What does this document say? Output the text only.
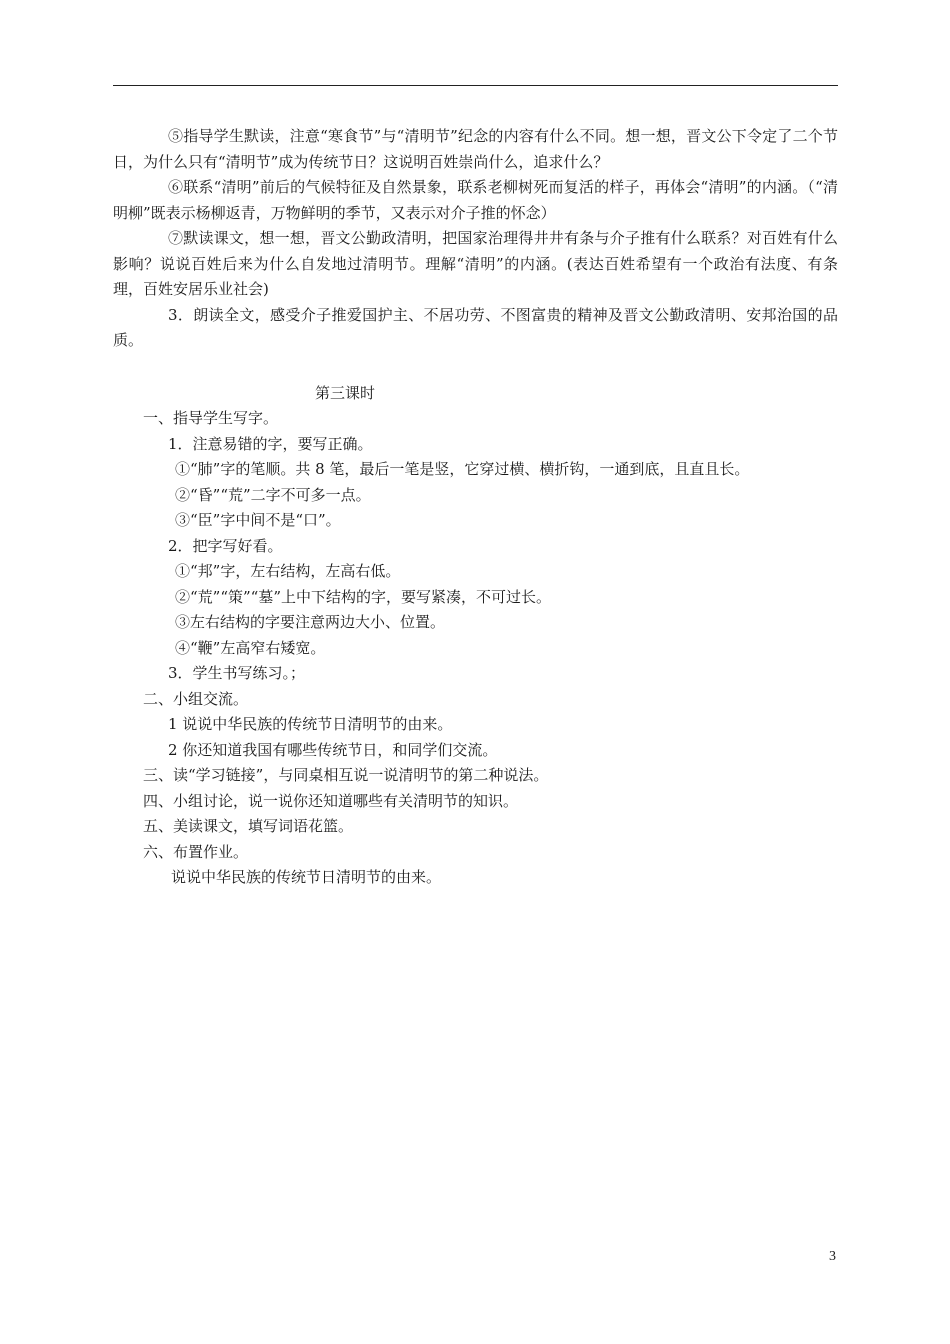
⑤指导学生默读，注意“寒食节”与“清明节”纪念的内容有什么不同。想一想，晋文公下令定了二个节日，为什么只有“清明节”成为传统节日？这说明百姓崇尚什么，追求什么？

⑥联系“清明”前后的气候特征及自然景象，联系老柳树死而复活的样子，再体会“清明”的内涵。（“清明柳”既表示杨柳返青，万物鲜明的季节，又表示对介子推的怀念）

⑦默读课文，想一想，晋文公勤政清明，把国家治理得井井有条与介子推有什么联系？对百姓有什么影响？说说百姓后来为什么自发地过清明节。理解“清明”的内涵。(表达百姓希望有一个政治有法度、有条理，百姓安居乐业社会)

3．朗读全文，感受介子推爱国护主、不居功劳、不图富贵的精神及晋文公勤政清明、安邦治国的品质。

第三课时

一、指导学生写字。

1．注意易错的字，要写正确。

①“肺”字的笔顺。共 8 笔，最后一笔是竖，它穿过横、横折钩，一通到底，且直且长。

②“昏”“荒”二字不可多一点。

③“臣”字中间不是“口”。

2．把字写好看。

①“邦”字，左右结构，左高右低。

②“荒”“策”“墓”上中下结构的字，要写紧凑，不可过长。

③左右结构的字要注意两边大小、位置。

④“鞭”左高窄右矮宽。

3．学生书写练习。；

二、小组交流。

1 说说中华民族的传统节日清明节的由来。

2 你还知道我国有哪些传统节日，和同学们交流。

三、读“学习链接”，与同桌相互说一说清明节的第二种说法。

四、小组讨论，说一说你还知道哪些有关清明节的知识。

五、美读课文，填写词语花篮。

六、布置作业。

说说中华民族的传统节日清明节的由来。

3
